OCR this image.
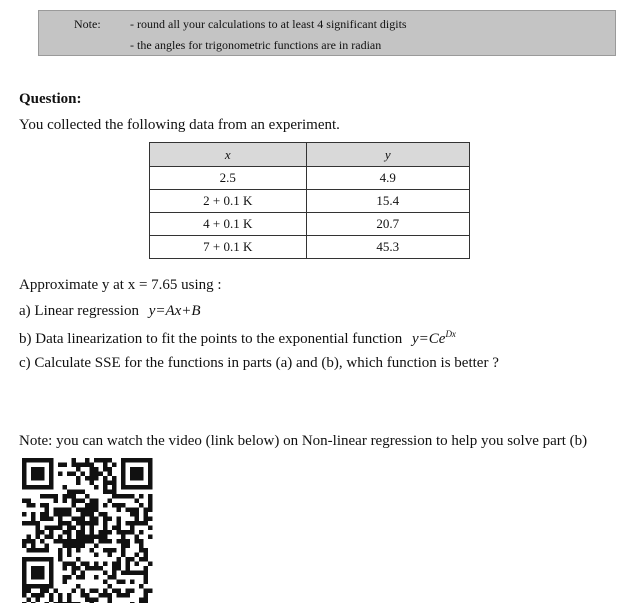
Note: - round all your calculations to at least 4 significant digits
- the angles for trigonometric functions are in radian
Question:
You collected the following data from an experiment.
x	y
2.5	4.9
2 + 0.1 K	15.4
4 + 0.1 K	20.7
7 + 0.1 K	45.3
Approximate y at x = 7.65 using :
a) Linear regression y=Ax+B
b) Data linearization to fit the points to the exponential function $y=Ce^{Dx}$
c) Calculate SSE for the functions in parts (a) and (b), which function is better ?
Note: you can watch the video (link below) on Non-linear regression to help you solve part (b)
